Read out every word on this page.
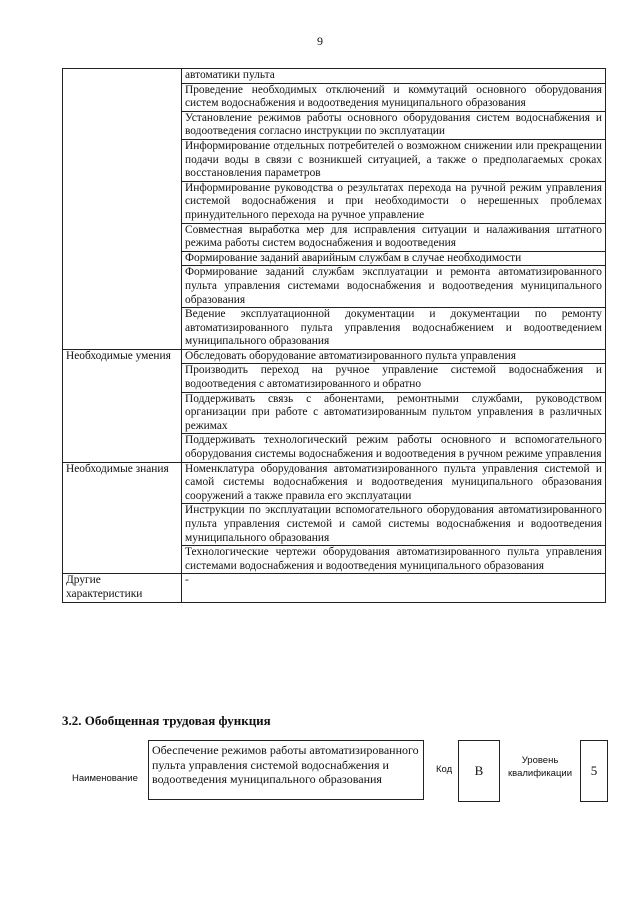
9
	автоматики пульта
	Проведение необходимых отключений и коммутаций основного оборудования систем водоснабжения и водоотведения муниципального образования
	Установление режимов работы основного оборудования систем водоснабжения и водоотведения согласно инструкции по эксплуатации
	Информирование отдельных потребителей о возможном снижении или прекращении подачи воды в связи с возникшей ситуацией, а также о предполагаемых сроках восстановления параметров
	Информирование руководства о результатах перехода на ручной режим управления системой водоснабжения и при необходимости о нерешенных проблемах принудительного перехода на ручное управление
	Совместная выработка мер для исправления ситуации и налаживания штатного режима работы систем водоснабжения и водоотведения
	Формирование заданий аварийным службам в случае необходимости
	Формирование заданий службам эксплуатации и ремонта автоматизированного пульта управления системами водоснабжения и водоотведения муниципального образования
	Ведение эксплуатационной документации и документации по ремонту автоматизированного пульта управления водоснабжением и водоотведением муниципального образования
Необходимые умения	Обследовать оборудование автоматизированного пульта управления
	Производить переход на ручное управление системой водоснабжения и водоотведения с автоматизированного и обратно
	Поддерживать связь с абонентами, ремонтными службами, руководством организации при работе с автоматизированным пультом управления в различных режимах
	Поддерживать технологический режим работы основного и вспомогательного оборудования системы водоснабжения и водоотведения в ручном режиме управления
Необходимые знания	Номенклатура оборудования автоматизированного пульта управления системой и самой системы водоснабжения и водоотведения муниципального образования сооружений а также правила его эксплуатации
	Инструкции по эксплуатации вспомогательного оборудования автоматизированного пульта управления системой и самой системы водоснабжения и водоотведения муниципального образования
	Технологические чертежи оборудования автоматизированного пульта управления системами водоснабжения и водоотведения муниципального образования
Другие характеристики	-
3.2. Обобщенная трудовая функция
Наименование
Обеспечение режимов работы автоматизированного пульта управления системой водоснабжения и водоотведения муниципального образования
Код	B
Уровень квалификации	5
